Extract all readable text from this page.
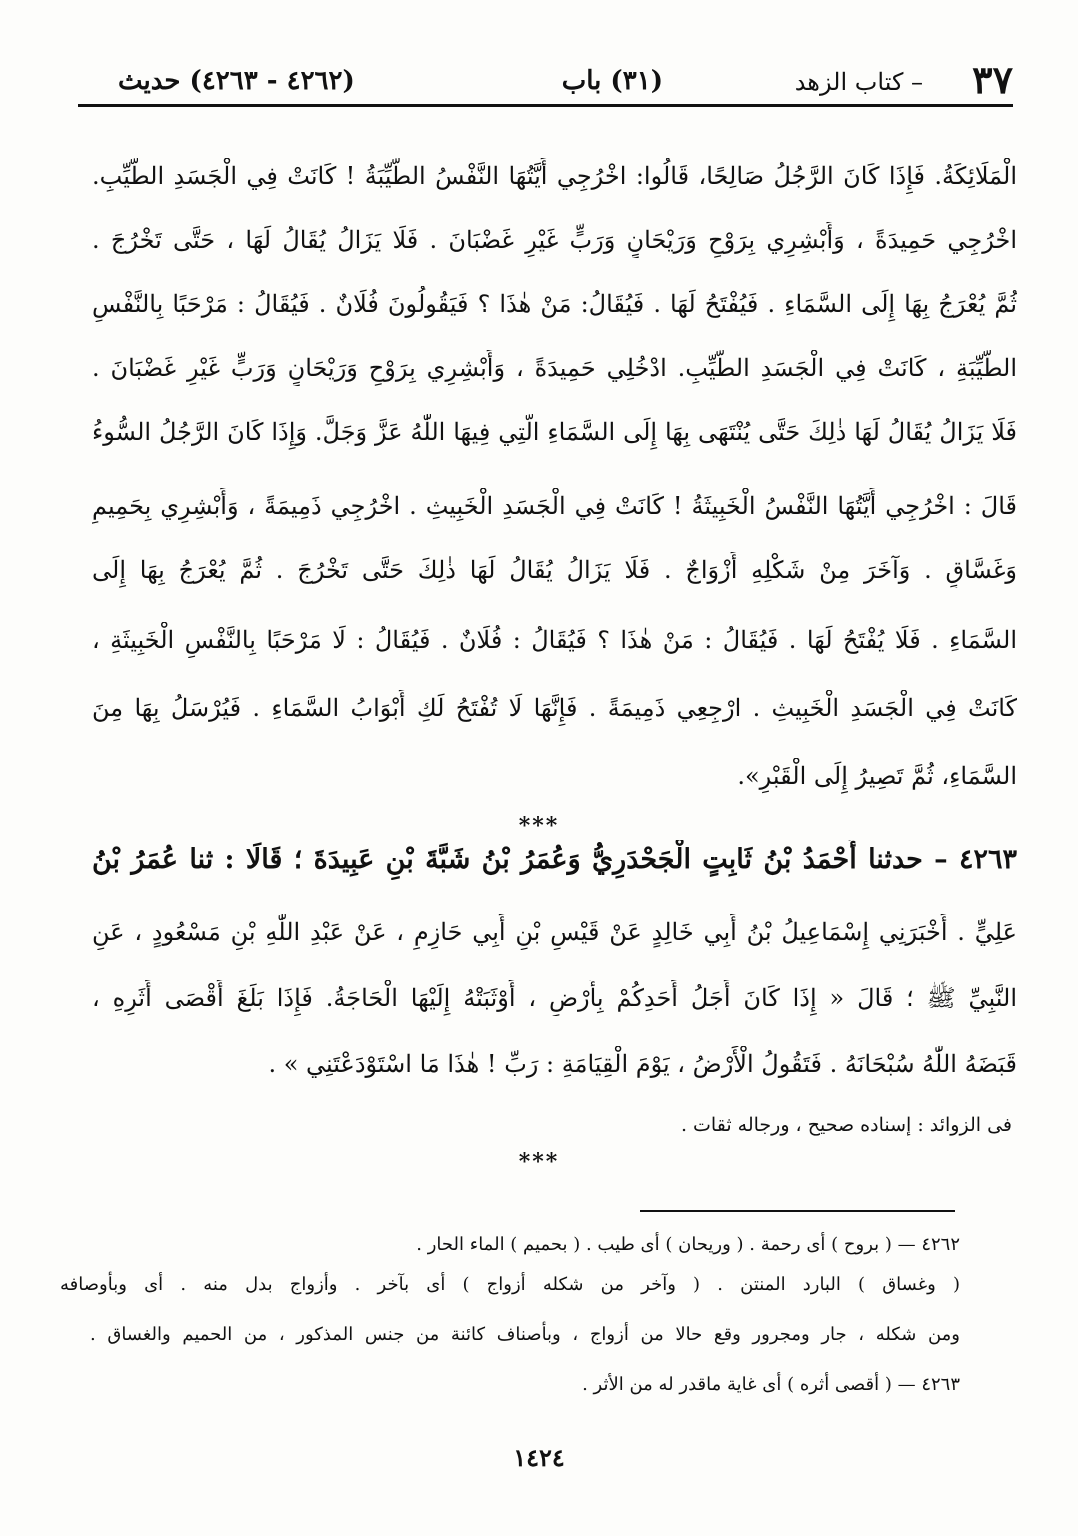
٣٧
– كتاب الزهد
(٣١) باب
(٤٢٦٢ - ٤٢٦٣) حديث
الْمَلَائِكَةُ. فَإِذَا كَانَ الرَّجُلُ صَالِحًا، قَالُوا: اخْرُجِي أَيَّتُهَا النَّفْسُ الطَّيِّبَةُ ! كَانَتْ فِي الْجَسَدِ الطَّيِّبِ.
اخْرُجِي حَمِيدَةً ، وَأَبْشِرِي بِرَوْحٍ وَرَيْحَانٍ وَرَبٍّ غَيْرِ غَضْبَانَ . فَلَا يَزَالُ يُقَالُ لَهَا ، حَتَّى تَخْرُجَ .
ثُمَّ يُعْرَجُ بِهَا إِلَى السَّمَاءِ . فَيُفْتَحُ لَهَا . فَيُقَالُ: مَنْ هٰذَا ؟ فَيَقُولُونَ فُلَانٌ . فَيُقَالُ : مَرْحَبًا بِالنَّفْسِ
الطَّيِّبَةِ ، كَانَتْ فِي الْجَسَدِ الطَّيِّبِ. ادْخُلِي حَمِيدَةً ، وَأَبْشِرِي بِرَوْحٍ وَرَيْحَانٍ وَرَبٍّ غَيْرِ غَضْبَانَ .
فَلَا يَزَالُ يُقَالُ لَهَا ذٰلِكَ حَتَّى يُنْتَهَى بِهَا إِلَى السَّمَاءِ الَّتِي فِيهَا اللّٰهُ عَزَّ وَجَلَّ. وَإِذَا كَانَ الرَّجُلُ السُّوءُ
قَالَ : اخْرُجِي أَيَّتُهَا النَّفْسُ الْخَبِيثَةُ ! كَانَتْ فِي الْجَسَدِ الْخَبِيثِ . اخْرُجِي ذَمِيمَةً ، وَأَبْشِرِي بِحَمِيمٍ
وَغَسَّاقٍ . وَآخَرَ مِنْ شَكْلِهِ أَزْوَاجٌ . فَلَا يَزَالُ يُقَالُ لَهَا ذٰلِكَ حَتَّى تَخْرُجَ . ثُمَّ يُعْرَجُ بِهَا إِلَى
السَّمَاءِ . فَلَا يُفْتَحُ لَهَا . فَيُقَالُ : مَنْ هٰذَا ؟ فَيُقَالُ : فُلَانٌ . فَيُقَالُ : لَا مَرْحَبًا بِالنَّفْسِ الْخَبِيثَةِ ،
كَانَتْ فِي الْجَسَدِ الْخَبِيثِ . ارْجِعِي ذَمِيمَةً . فَإِنَّهَا لَا تُفْتَحُ لَكِ أَبْوَابُ السَّمَاءِ . فَيُرْسَلُ بِهَا مِنَ
السَّمَاءِ، ثُمَّ تَصِيرُ إِلَى الْقَبْرِ».
***
٤٢٦٣ – حدثنا أَحْمَدُ بْنُ ثَابِتٍ الْجَحْدَرِيُّ وَعُمَرُ بْنُ شَبَّةَ بْنِ عَبِيدَةَ ؛ قَالَا : ثنا عُمَرُ بْنُ
عَلِيٍّ . أَخْبَرَنِي إِسْمَاعِيلُ بْنُ أَبِي خَالِدٍ عَنْ قَيْسِ بْنِ أَبِي حَازِمٍ ، عَنْ عَبْدِ اللّٰهِ بْنِ مَسْعُودٍ ، عَنِ
النَّبِيِّ ﷺ ؛ قَالَ « إِذَا كَانَ أَجَلُ أَحَدِكُمْ بِأَرْضٍ ، أَوْثَبَتْهُ إِلَيْهَا الْحَاجَةُ. فَإِذَا بَلَغَ أَقْصَى أَثَرِهِ ،
قَبَضَهُ اللّٰهُ سُبْحَانَهُ . فَتَقُولُ الْأَرْضُ ، يَوْمَ الْقِيَامَةِ : رَبِّ ! هٰذَا مَا اسْتَوْدَعْتَنِي » .
فى الزوائد : إسناده صحيح ، ورجاله ثقات .
***
٤٢٦٢ — ( بروح ) أى رحمة . ( وريحان ) أى طيب . ( بحميم ) الماء الحار .
( وغساق ) البارد المنتن . ( وآخر من شكله أزواج ) أى بآخر . وأزواج بدل منه . أى وبأوصافه
ومن شكله ، جار ومجرور وقع حالا من أزواج ، وبأصناف كائنة من جنس المذكور ، من الحميم والغساق .
٤٢٦٣ — ( أقصى أثره ) أى غاية ماقدر له من الأثر .
١٤٢٤
